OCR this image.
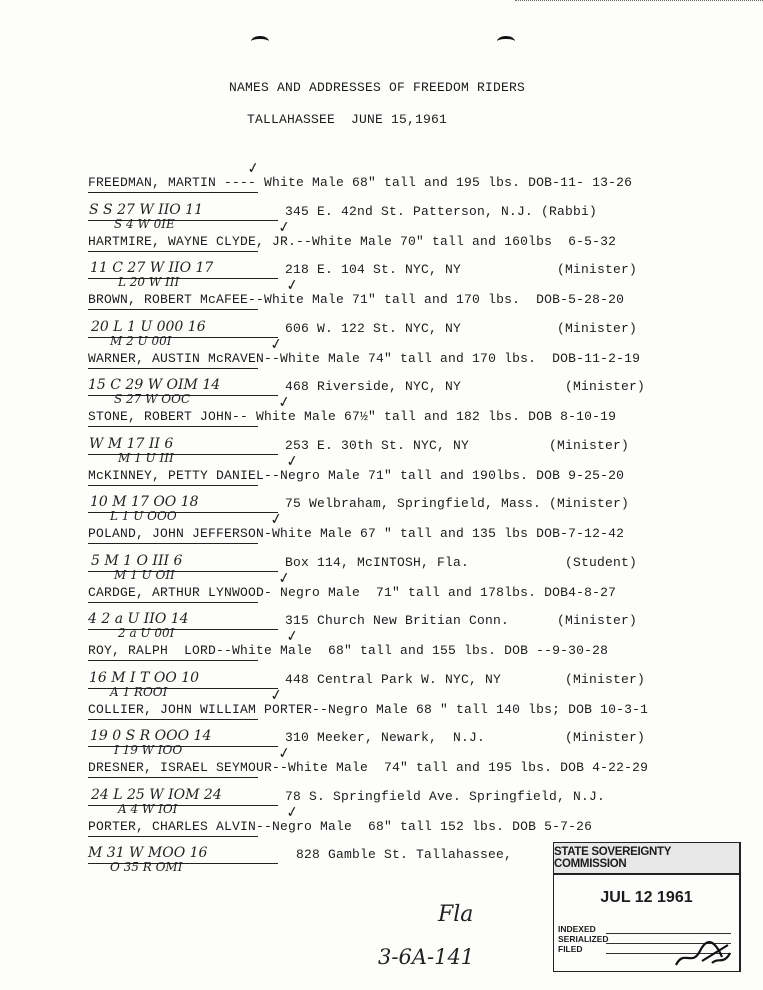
NAMES AND ADDRESSES OF FREEDOM RIDERS
TALLAHASSEE  JUNE 15,1961
FREEDMAN, MARTIN ---- White Male 68" tall and 195 lbs. DOB-11- 13-26
✓
HARTMIRE, WAYNE CLYDE, JR.--White Male 70" tall and 160lbs  6-5-32
✓
S S 27 W IIO 11	345 E. 42nd St. Patterson, N.J. (Rabbi)
S 4 W 0IE
BROWN, ROBERT McAFEE--White Male 71" tall and 170 lbs.  DOB-5-28-20
✓
11 C 27 W IIO 17	218 E. 104 St. NYC, NY            (Minister)
L 20 W III
WARNER, AUSTIN McRAVEN--White Male 74" tall and 170 lbs.  DOB-11-2-19
✓
20 L 1 U 000 16	606 W. 122 St. NYC, NY            (Minister)
M 2 U 00I
STONE, ROBERT JOHN-- White Male 67½" tall and 182 lbs. DOB 8-10-19
✓
15 C 29 W OIM 14	468 Riverside, NYC, NY             (Minister)
S 27 W OOC
McKINNEY, PETTY DANIEL--Negro Male 71" tall and 190lbs. DOB 9-25-20
✓
W M 17 II 6	253 E. 30th St. NYC, NY          (Minister)
M 1 U III
POLAND, JOHN JEFFERSON-White Male 67 " tall and 135 lbs DOB-7-12-42
✓
10 M 17 OO 18	75 Welbraham, Springfield, Mass. (Minister)
L 1 U OOO
CARDGE, ARTHUR LYNWOOD- Negro Male  71" tall and 178lbs. DOB4-8-27
✓
5 M 1 O III 6	Box 114, McINTOSH, Fla.            (Student)
M 1 U OII
ROY, RALPH  LORD--White Male  68" tall and 155 lbs. DOB --9-30-28
✓
4 2 a U IIO 14	315 Church New Britian Conn.      (Minister)
2 a U 00I
COLLIER, JOHN WILLIAM PORTER--Negro Male 68 " tall 140 lbs; DOB 10-3-1
✓
16 M I T OO 10	448 Central Park W. NYC, NY        (Minister)
A 1 ROOI
DRESNER, ISRAEL SEYMOUR--White Male  74" tall and 195 lbs. DOB 4-22-29
✓
19 0 S R OOO 14	310 Meeker, Newark,  N.J.          (Minister)
I 19 W IOO
PORTER, CHARLES ALVIN--Negro Male  68" tall 152 lbs. DOB 5-7-26
✓
24 L 25 W IOM 24	78 S. Springfield Ave. Springfield, N.J.
A 4 W IOI
M 31 W MOO 16	828 Gamble St. Tallahassee,
O 35 R OMI
STATE SOVEREIGNTY COMMISSION
JUL 12 1961
INDEXED
SERIALIZED
FILED
Fla
3-6A-141
